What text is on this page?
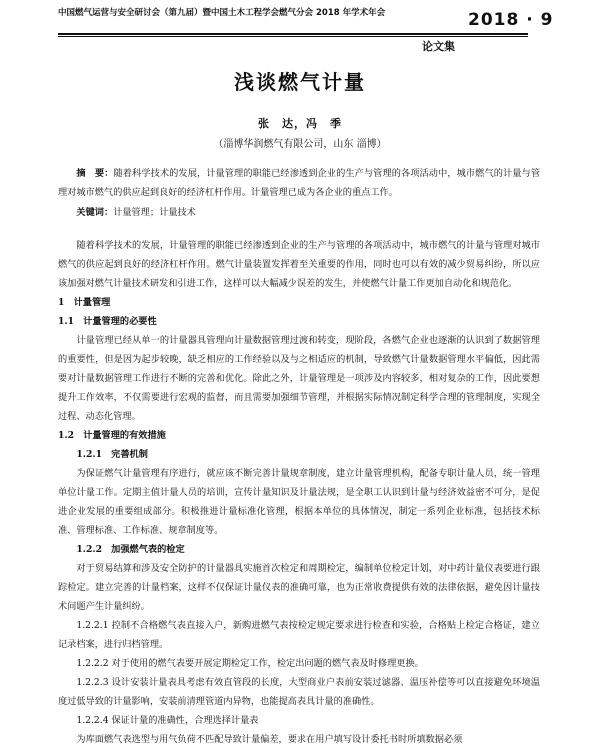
中国燃气运营与安全研讨会（第九届）暨中国土木工程学会燃气分会 2018 年学术年会	2018 · 9
论文集
浅谈燃气计量
张　达，冯　季
（淄博华润燃气有限公司，山东 淄博）

摘　要：随着科学技术的发展，计量管理的职能已经渗透到企业的生产与管理的各项活动中，城市燃气的计量与管理对城市燃气的供应起到良好的经济杠杆作用。计量管理已成为各企业的重点工作。

关键词：计量管理；计量技术

随着科学技术的发展，计量管理的职能已经渗透到企业的生产与管理的各项活动中，城市燃气的计量与管理对城市燃气的供应起到良好的经济杠杆作用。燃气计量装置发挥着至关重要的作用，同时也可以有效的减少贸易纠纷，所以应该加强对燃气计量技术研发和引进工作，这样可以大幅减少误差的发生，并使燃气计量工作更加自动化和规范化。

1　计量管理

1.1　计量管理的必要性

计量管理已经从单一的计量器具管理向计量数据管理过渡和转变，现阶段，各燃气企业也逐渐的认识到了数据管理的重要性，但是因为起步较晚，缺乏相应的工作经验以及与之相适应的机制，导致燃气计量数据管理水平偏低，因此需要对计量数据管理工作进行不断的完善和优化。除此之外，计量管理是一项涉及内容较多，相对复杂的工作，因此要想提升工作效率，不仅需要进行宏观的监督，而且需要加强细节管理，并根据实际情况制定科学合理的管理制度，实现全过程、动态化管理。

1.2　计量管理的有效措施

1.2.1　完善机制

为保证燃气计量管理有序进行，就应该不断完善计量规章制度，建立计量管理机构，配备专职计量人员，统一管理单位计量工作。定期主值计量人员的培训，宣传计量知识及计量法规，是全职工认识到计量与经济效益密不可分，是促进企业发展的重要组成部分。积极推进计量标准化管理，根据本单位的具体情况，制定一系列企业标准，包括技术标准、管理标准、工作标准、规章制度等。

1.2.2　加强燃气表的检定

对于贸易结算和涉及安全防护的计量器具实施首次检定和周期检定，编制单位检定计划，对中药计量仪表要进行跟踪检定。建立完善的计量档案，这样不仅保证计量仪表的准确可靠，也为正常收费提供有效的法律依据，避免因计量技术问题产生计量纠纷。

1.2.2.1 控制不合格燃气表直接入户，新购进燃气表按检定规定要求进行检查和实验，合格贴上检定合格证，建立记录档案，进行归档管理。

1.2.2.2 对于使用的燃气表要开展定期检定工作，检定出问题的燃气表及时修理更换。

1.2.2.3 设计安装计量表具考虑有效直管段的长度，大型商业户表前安装过滤器、温压补偿等可以直接避免环境温度过低导致的计量影响，安装前清理管道内异物，也能提高表具计量的准确性。

1.2.2.4 保证计量的准确性，合理选择计量表

为库面燃气表选型与用气负荷不匹配导致计量偏差，要求在用户填写设计委托书时所填数据必须
